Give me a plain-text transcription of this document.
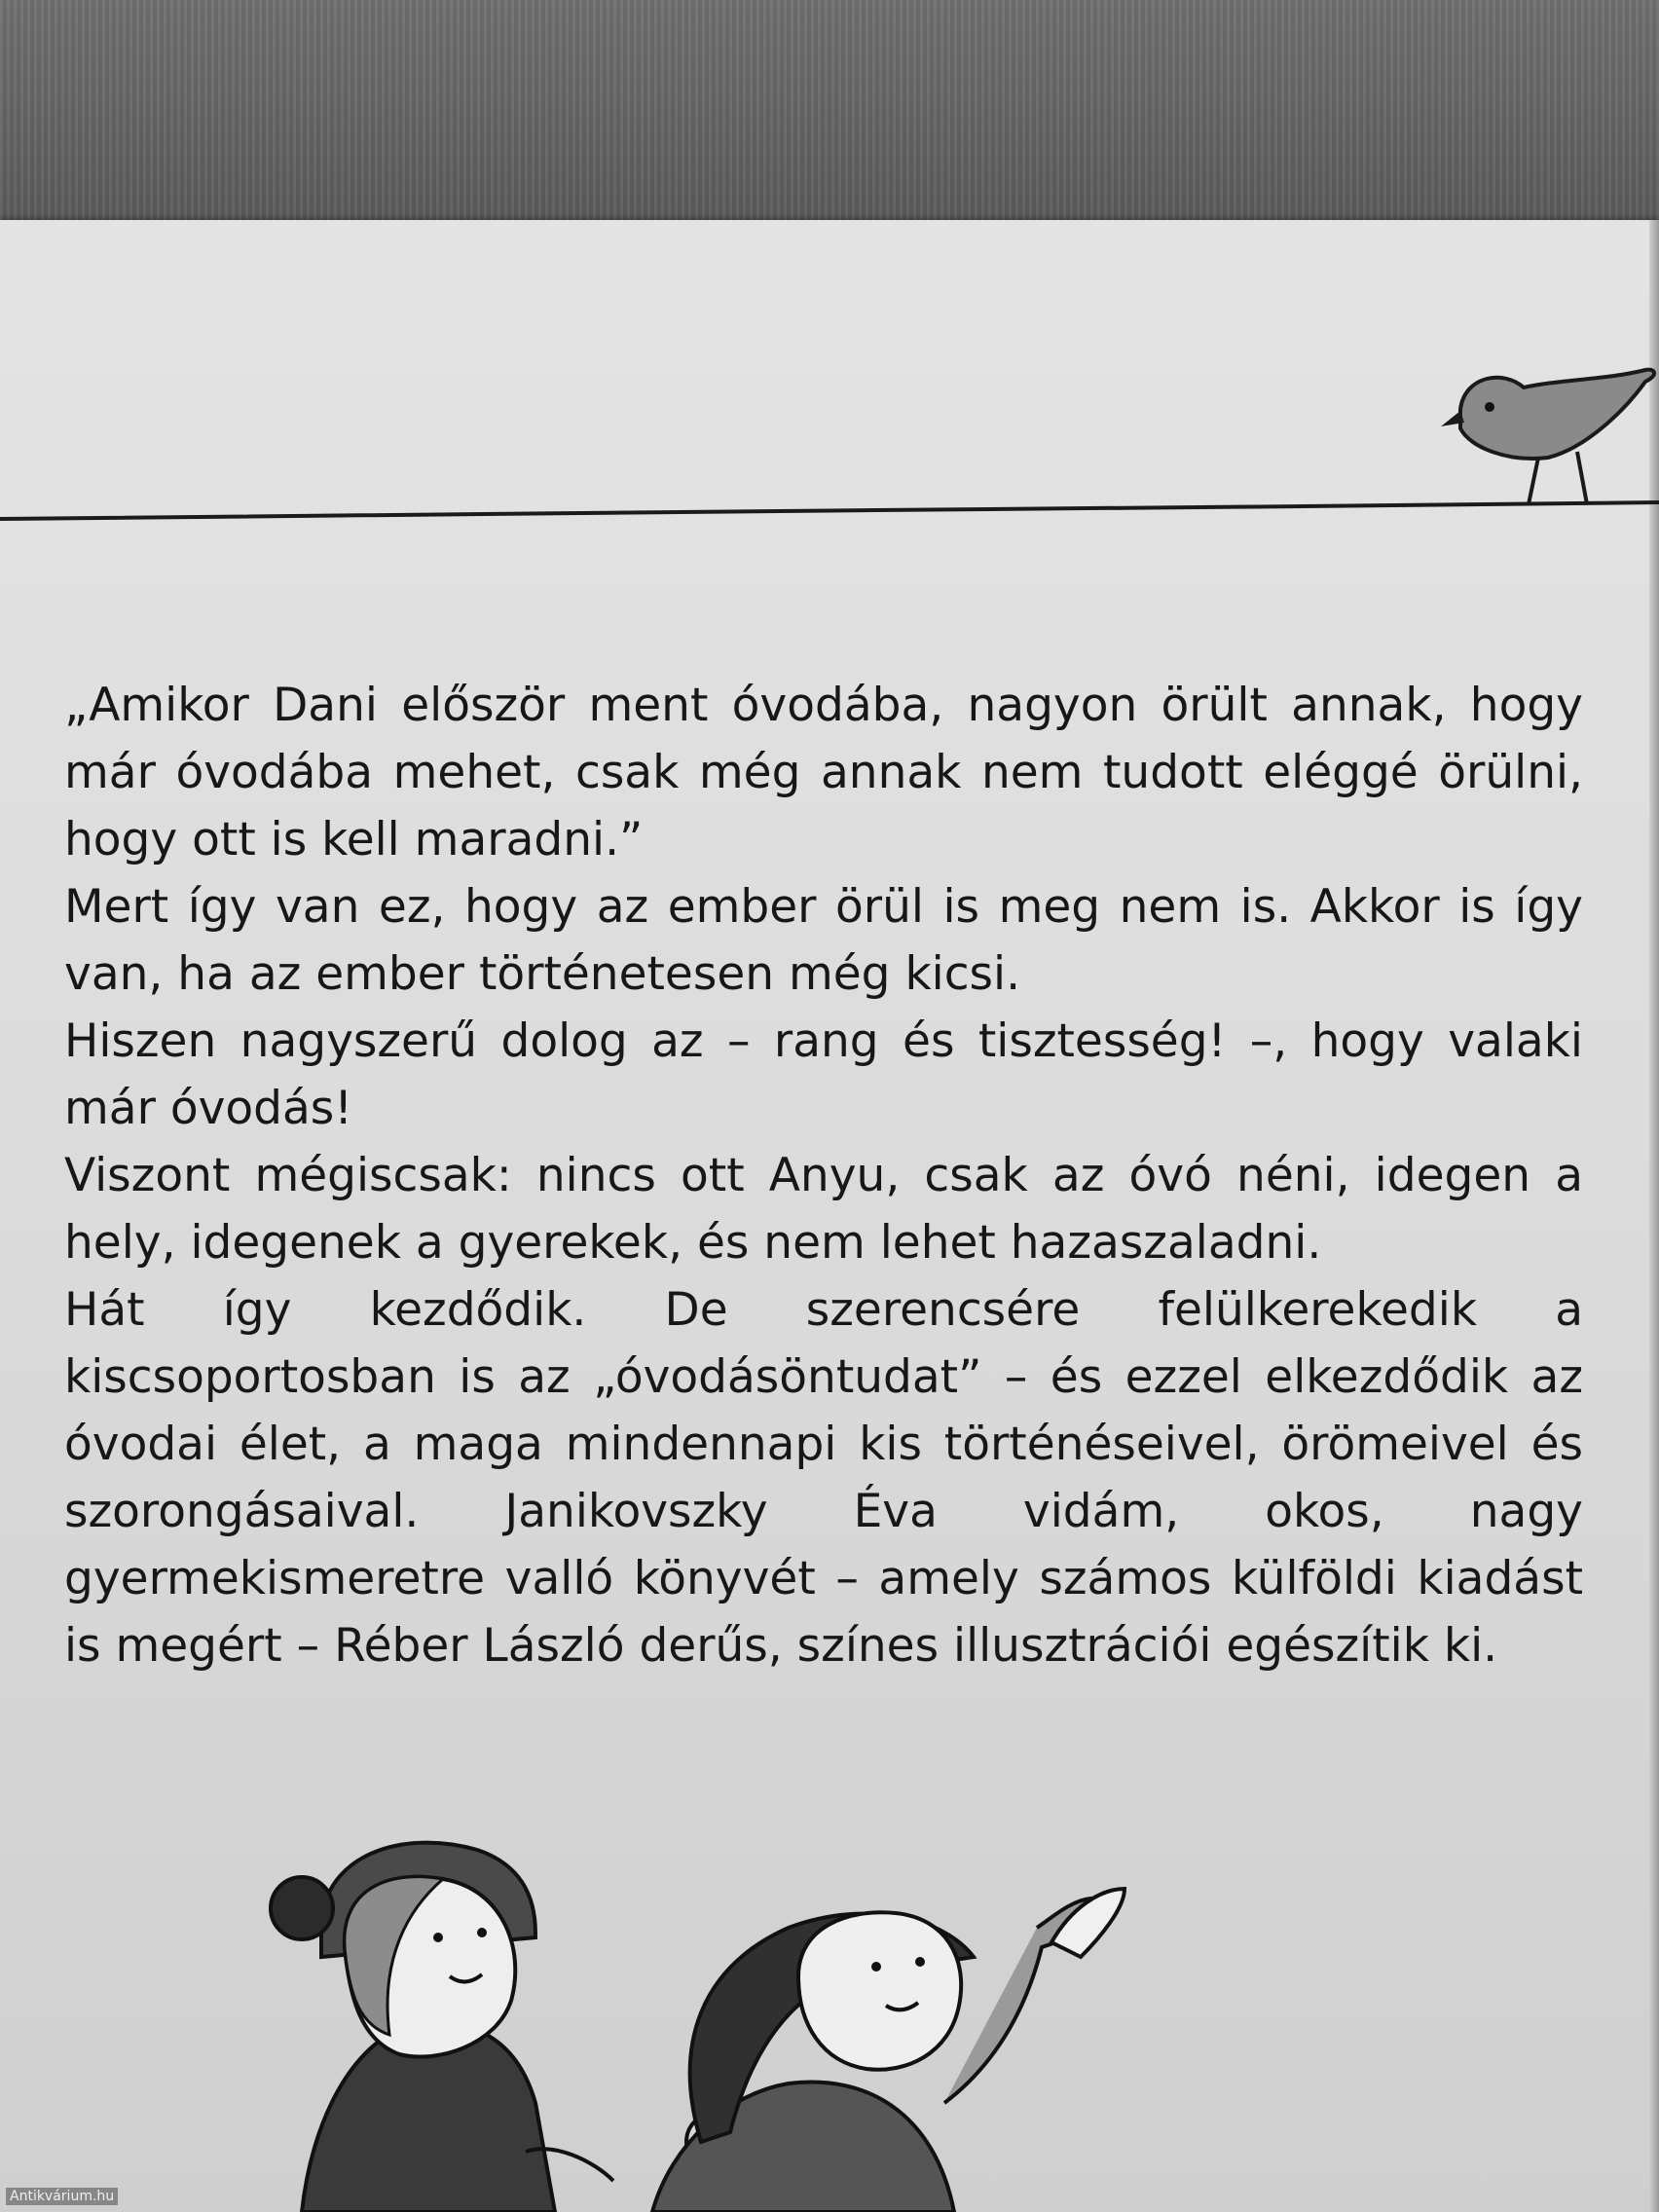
„Amikor Dani először ment óvodába, nagyon örült annak, hogy már óvodába mehet, csak még annak nem tudott eléggé örülni, hogy ott is kell maradni.”

Mert így van ez, hogy az ember örül is meg nem is. Akkor is így van, ha az ember történetesen még kicsi.

Hiszen nagyszerű dolog az – rang és tisztesség! –, hogy valaki már óvodás!

Viszont mégiscsak: nincs ott Anyu, csak az óvó néni, idegen a hely, idegenek a gyerekek, és nem lehet hazaszaladni.

Hát így kezdődik. De szerencsére felülkerekedik a kiscsoportosban is az „óvodásöntudat” – és ezzel elkezdődik az óvodai élet, a maga mindennapi kis történéseivel, örömeivel és szorongásaival. Janikovszky Éva vidám, okos, nagy gyermekismeretre valló könyvét – amely számos külföldi kiadást is megért – Réber László derűs, színes illusztrációi egészítik ki.

Antikvárium.hu
